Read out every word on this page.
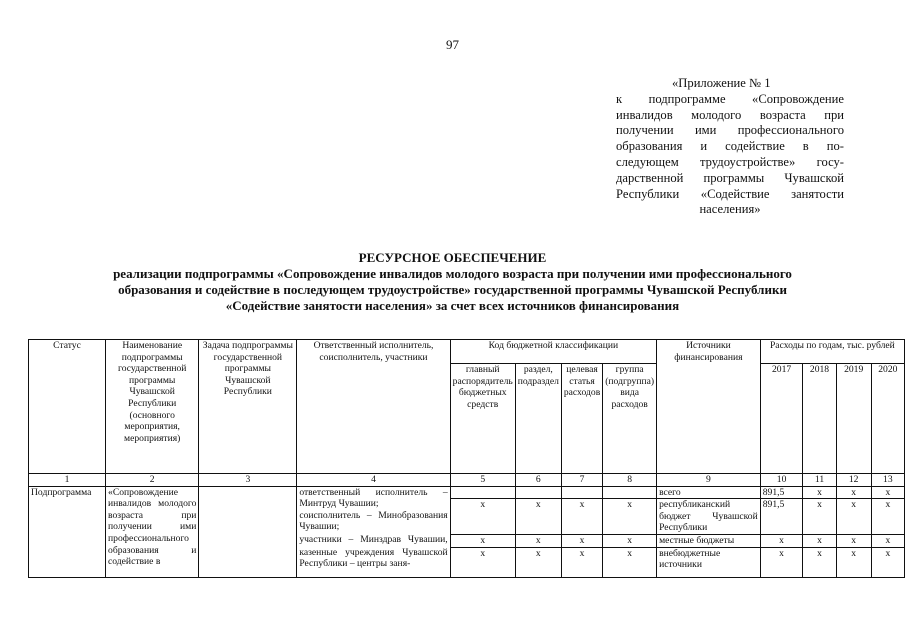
97
«Приложение № 1
к подпрограмме «Сопровождение
инвалидов молодого возраста при
получении ими профессионального
образования и содействие в по-
следующем трудоустройстве» госу-
дарственной программы Чувашской
Республики «Содействие занятости
населения»
РЕСУРСНОЕ ОБЕСПЕЧЕНИЕ
реализации подпрограммы «Сопровождение инвалидов молодого возраста при получении ими профессионального
образования и содействие в последующем трудоустройстве» государственной программы Чувашской Республики
«Содействие занятости населения» за счет всех источников финансирования
Статус	Наименование подпрограммы государственной программы Чувашской Республики (основного мероприятия, мероприятия)	Задача подпрограммы государственной программы Чувашской Республики	Ответственный исполнитель, соисполнитель, участники	Код бюджетной классификации				Источники финансирования	Расходы по годам, тыс. рублей			
				главный распорядитель бюджетных средств	раздел, подраздел	целевая статья расходов	группа (подгруппа) вида расходов		2017	2018	2019	2020
1	2	3	4	5	6	7	8	9	10	11	12	13
Подпрограмма	«Сопровождение инвалидов молодого возраста при получении ими профессионального образования и содействие в		ответственный исполнитель –
Минтруд Чувашии;
соисполнитель – Минобразования Чувашии;
участники – Минздрав Чувашии,
казенные учреждения Чувашской Республики – центры заня-					всего	891,5	x	x	x
				x	x	x	x	республиканский бюджет Чувашской Республики	891,5	x	x	x
				x	x	x	x	местные бюджеты	x	x	x	x
				x	x	x	x	внебюджетные источники	x	x	x	x
